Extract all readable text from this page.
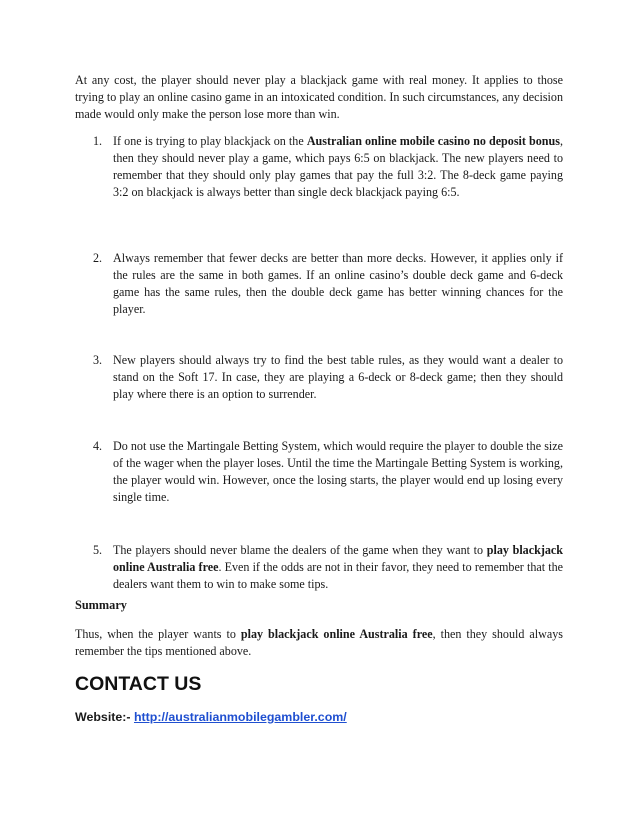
At any cost, the player should never play a blackjack game with real money. It applies to those trying to play an online casino game in an intoxicated condition. In such circumstances, any decision made would only make the person lose more than win.

1. If one is trying to play blackjack on the Australian online mobile casino no deposit bonus, then they should never play a game, which pays 6:5 on blackjack. The new players need to remember that they should only play games that pay the full 3:2. The 8-deck game paying 3:2 on blackjack is always better than single deck blackjack paying 6:5.

2. Always remember that fewer decks are better than more decks. However, it applies only if the rules are the same in both games. If an online casino’s double deck game and 6-deck game has the same rules, then the double deck game has better winning chances for the player.

3. New players should always try to find the best table rules, as they would want a dealer to stand on the Soft 17. In case, they are playing a 6-deck or 8-deck game; then they should play where there is an option to surrender.

4. Do not use the Martingale Betting System, which would require the player to double the size of the wager when the player loses. Until the time the Martingale Betting System is working, the player would win. However, once the losing starts, the player would end up losing every single time.

5. The players should never blame the dealers of the game when they want to play blackjack online Australia free. Even if the odds are not in their favor, they need to remember that the dealers want them to win to make some tips.

Summary

Thus, when the player wants to play blackjack online Australia free, then they should always remember the tips mentioned above.

CONTACT US

Website:- http://australianmobilegambler.com/
